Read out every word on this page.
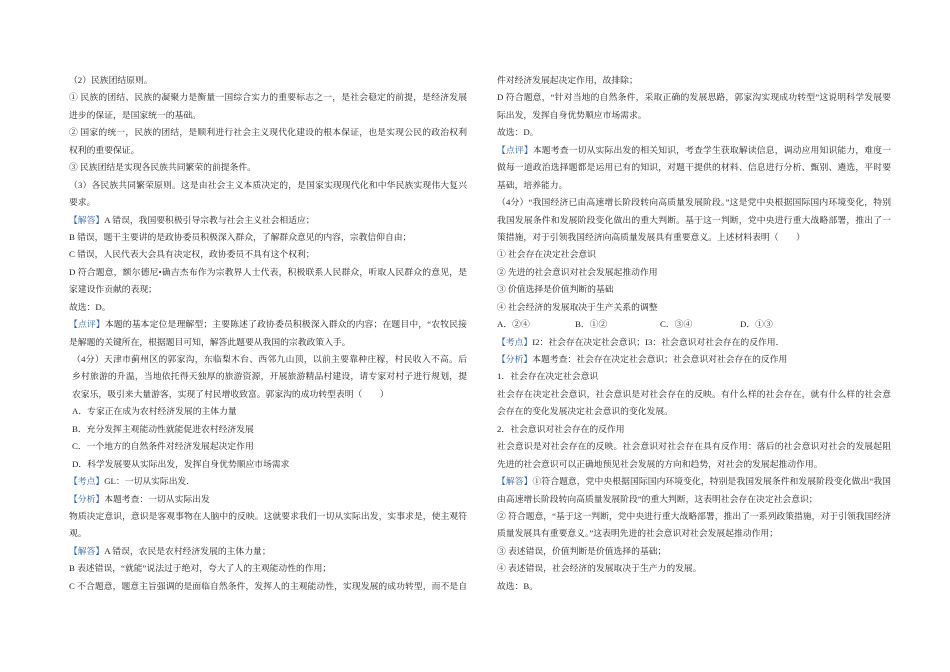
（2）民族团结原则。
① 民族的团结、民族的凝聚力是衡量一国综合实力的重要标志之一，是社会稳定的前提，是经济发展
进步的保证，是国家统一的基础。
② 国家的统一，民族的团结，是顺利进行社会主义现代化建设的根本保证，也是实现公民的政治权利
权利的重要保证。
③ 民族团结是实现各民族共同繁荣的前提条件。
（3）各民族共同繁荣原则。这是由社会主义本质决定的，是国家实现现代化和中华民族实现伟大复兴
要求。
【解答】A 错误，我国要积极引导宗教与社会主义社会相适应；
B 错误，题干主要讲的是政协委员积极深入群众，了解群众意见的内容，宗教信仰自由；
C 错误，人民代表大会具有决定权，政协委员不具有这个权利；
D 符合题意，额尔德尼•确吉杰布作为宗教界人士代表，积极联系人民群众，听取人民群众的意见，是
家建设作贡献的表现；
故选：D。
【点评】本题的基本定位是理解型；主要陈述了政协委员积极深入群众的内容；在题目中，“农牧民接
是解题的关键所在，根据题目可知，解答此题要从我国的宗教政策入手。
（4分）天津市蓟州区的郭家沟，东临梨木台、西邻九山顶，以前主要靠种庄稼，村民收入不高。后
乡村旅游的升温，当地依托得天独厚的旅游资源，开展旅游精品村建设，请专家对村子进行规划，提
农家乐，吸引来大量游客，实现了村民增收致富。郭家沟的成功转型表明（　　）
A．专家正在成为农村经济发展的主体力量
B．充分发挥主观能动性就能促进农村经济发展
C．一个地方的自然条件对经济发展起决定作用
D．科学发展要从实际出发，发挥自身优势顺应市场需求
【考点】GL：一切从实际出发．
【分析】本题考查：一切从实际出发
物质决定意识，意识是客观事物在人脑中的反映。这就要求我们一切从实际出发，实事求是，使主观符
观。
【解答】A 错误，农民是农村经济发展的主体力量；
B 表述错误，“就能”说法过于绝对，夸大了人的主观能动性的作用；
C 不合题意，题意主旨强调的是面临自然条件，发挥人的主观能动性，实现发展的成功转型，而不是自
件对经济发展起决定作用，故排除；
D 符合题意，“针对当地的自然条件，采取正确的发展思路，郭家沟实现成功转型”这说明科学发展要
际出发，发挥自身优势顺应市场需求。
故选：D。
【点评】本题考查一切从实际出发的相关知识，考查学生获取解读信息，调动应用知识能力，难度一
做每一道政治选择题都是运用已有的知识，对题干提供的材料、信息进行分析、甄别、遴选，平时要
基础，培养能力。
（4分）“我国经济已由高速增长阶段转向高质量发展阶段。”这是党中央根据国际国内环境变化，特别
我国发展条件和发展阶段变化做出的重大判断。基于这一判断，党中央进行重大战略部署，推出了一
策措施，对于引领我国经济向高质量发展具有重要意义。上述材料表明（　　）
① 社会存在决定社会意识
② 先进的社会意识对社会发展起推动作用
③ 价值选择是价值判断的基础
④ 社会经济的发展取决于生产关系的调整
A．②④	B．①②	C．③④	D．①③
【考点】I2：社会存在决定社会意识；I3：社会意识对社会存在的反作用．
【分析】本题考查：社会存在决定社会意识；社会意识对社会存在的反作用
1．社会存在决定社会意识
社会存在决定社会意识，社会意识是对社会存在的反映。有什么样的社会存在，就有什么样的社会意
会存在的变化发展决定社会意识的变化发展。
2．社会意识对社会存在的反作用
社会意识是对社会存在的反映。社会意识对社会存在具有反作用：落后的社会意识对社会的发展起阻
先进的社会意识可以正确地预见社会发展的方向和趋势，对社会的发展起推动作用。
【解答】①符合题意，党中央根据国际国内环境变化，特别是我国发展条件和发展阶段变化做出“我国
由高速增长阶段转向高质量发展阶段”的重大判断，这表明社会存在决定社会意识；
② 符合题意，“基于这一判断，党中央进行重大战略部署，推出了一系列政策措施，对于引领我国经济
质量发展具有重要意义。”这表明先进的社会意识对社会发展起推动作用；
③ 表述错误，价值判断是价值选择的基础；
④ 表述错误，社会经济的发展取决于生产力的发展。
故选：B。
